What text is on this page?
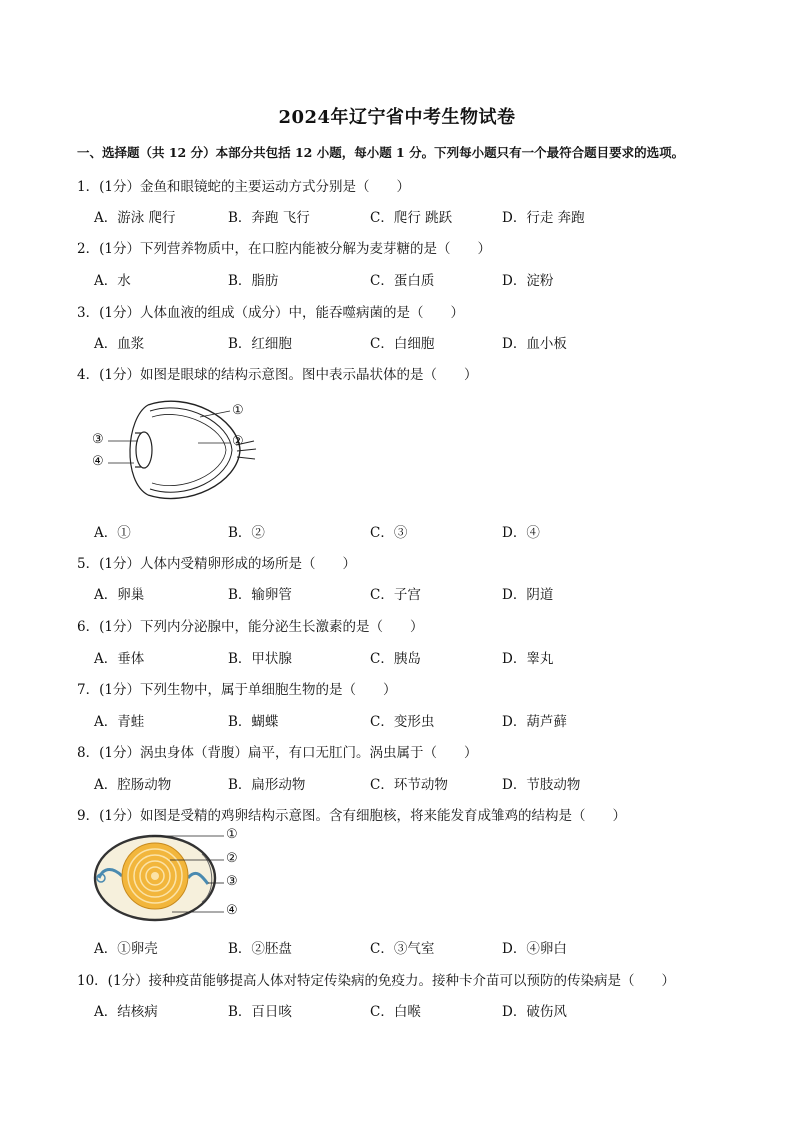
2024年辽宁省中考生物试卷
一、选择题（共 12 分）本部分共包括 12 小题，每小题 1 分。下列每小题只有一个最符合题目要求的选项。
1．(1分）金鱼和眼镜蛇的主要运动方式分别是（　　）
A．游泳 爬行	B．奔跑 飞行	C．爬行 跳跃	D．行走 奔跑
2．(1分）下列营养物质中，在口腔内能被分解为麦芽糖的是（　　）
A．水	B．脂肪	C．蛋白质	D．淀粉
3．(1分）人体血液的组成（成分）中，能吞噬病菌的是（　　）
A．血浆	B．红细胞	C．白细胞	D．血小板
4．(1分）如图是眼球的结构示意图。图中表示晶状体的是（　　）
①
②
③
④
A．①	B．②	C．③	D．④
5．(1分）人体内受精卵形成的场所是（　　）
A．卵巢	B．输卵管	C．子宫	D．阴道
6．(1分）下列内分泌腺中，能分泌生长激素的是（　　）
A．垂体	B．甲状腺	C．胰岛	D．睾丸
7．(1分）下列生物中，属于单细胞生物的是（　　）
A．青蛙	B．蝴蝶	C．变形虫	D．葫芦藓
8．(1分）涡虫身体（背腹）扁平，有口无肛门。涡虫属于（　　）
A．腔肠动物	B．扁形动物	C．环节动物	D．节肢动物
9．(1分）如图是受精的鸡卵结构示意图。含有细胞核，将来能发育成雏鸡的结构是（　　）
①
②
③
④
A．①卵壳	B．②胚盘	C．③气室	D．④卵白
10．(1分）接种疫苗能够提高人体对特定传染病的免疫力。接种卡介苗可以预防的传染病是（　　）
A．结核病	B．百日咳	C．白喉	D．破伤风
